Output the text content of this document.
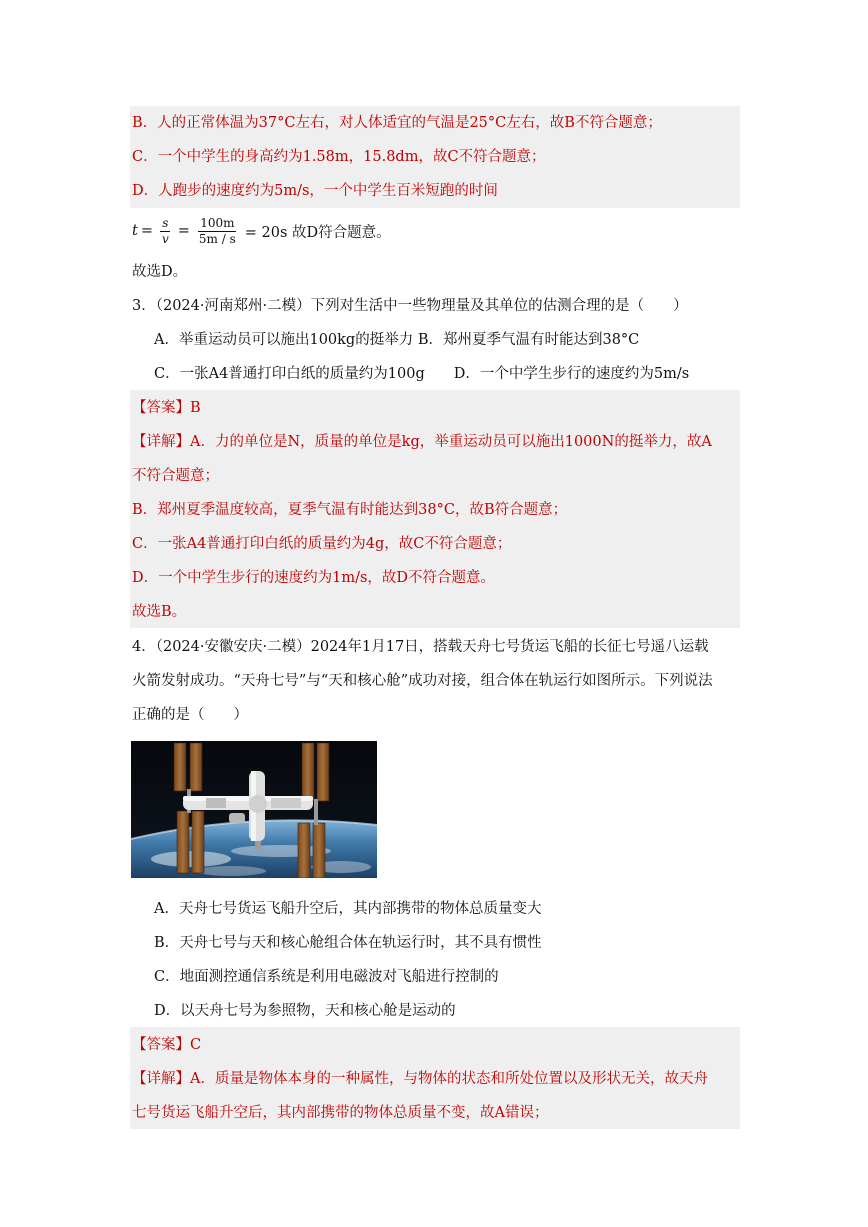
B．人的正常体温为37°C左右，对人体适宜的气温是25°C左右，故B不符合题意；
C．一个中学生的身高约为1.58m，15.8dm，故C不符合题意；
D．人跑步的速度约为5m/s，一个中学生百米短跑的时间
$t = \frac{s}{v} = \frac{100m}{5m / s} = 20s$ 故D符合题意。
故选D。
3．（2024·河南郑州·二模）下列对生活中一些物理量及其单位的估测合理的是（　　）
A．举重运动员可以施出100kg的挺举力 B．郑州夏季气温有时能达到38°C
C．一张A4普通打印白纸的质量约为100g　　D．一个中学生步行的速度约为5m/s
【答案】B
【详解】A．力的单位是N，质量的单位是kg，举重运动员可以施出1000N的挺举力，故A
不符合题意；
B．郑州夏季温度较高，夏季气温有时能达到38°C，故B符合题意；
C．一张A4普通打印白纸的质量约为4g，故C不符合题意；
D．一个中学生步行的速度约为1m/s，故D不符合题意。
故选B。
4．（2024·安徽安庆·二模）2024年1月17日，搭载天舟七号货运飞船的长征七号遥八运载
火箭发射成功。“天舟七号”与“天和核心舱”成功对接，组合体在轨运行如图所示。下列说法
正确的是（　　）
A．天舟七号货运飞船升空后，其内部携带的物体总质量变大
B．天舟七号与天和核心舱组合体在轨运行时，其不具有惯性
C．地面测控通信系统是利用电磁波对飞船进行控制的
D．以天舟七号为参照物，天和核心舱是运动的
【答案】C
【详解】A．质量是物体本身的一种属性，与物体的状态和所处位置以及形状无关，故天舟
七号货运飞船升空后，其内部携带的物体总质量不变，故A错误；
